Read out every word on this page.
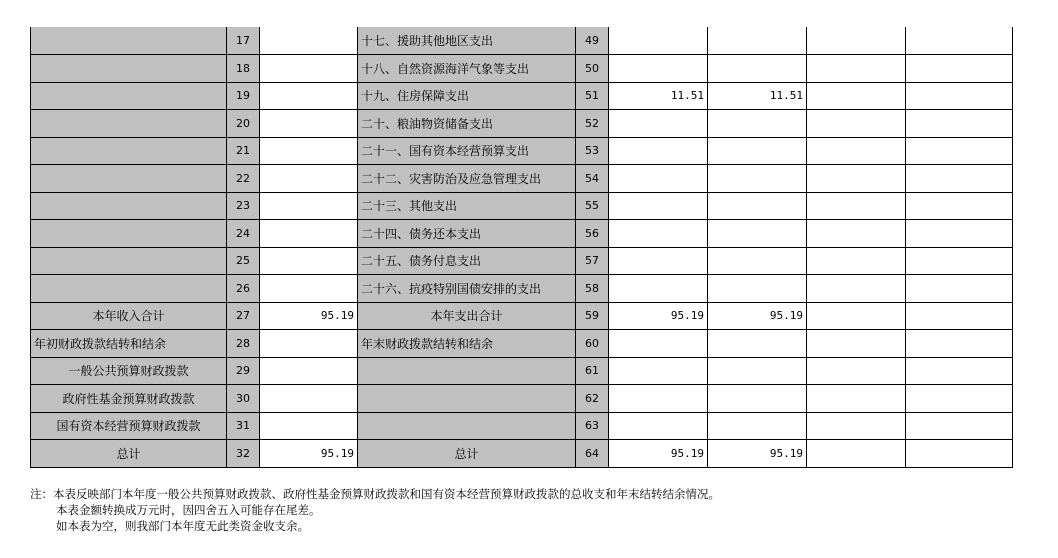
	17		十七、援助其他地区支出	49				
	18		十八、自然资源海洋气象等支出	50				
	19		十九、住房保障支出	51	11.51	11.51		
	20		二十、粮油物资储备支出	52				
	21		二十一、国有资本经营预算支出	53				
	22		二十二、灾害防治及应急管理支出	54				
	23		二十三、其他支出	55				
	24		二十四、债务还本支出	56				
	25		二十五、债务付息支出	57				
	26		二十六、抗疫特别国债安排的支出	58				
本年收入合计	27	95.19	本年支出合计	59	95.19	95.19		
年初财政拨款结转和结余	28		年末财政拨款结转和结余	60				
一般公共预算财政拨款	29			61				
政府性基金预算财政拨款	30			62				
国有资本经营预算财政拨款	31			63				
总计	32	95.19	总计	64	95.19	95.19		
注：本表反映部门本年度一般公共预算财政拨款、政府性基金预算财政拨款和国有资本经营预算财政拨款的总收支和年末结转结余情况。
本表金额转换成万元时，因四舍五入可能存在尾差。
如本表为空，则我部门本年度无此类资金收支余。
